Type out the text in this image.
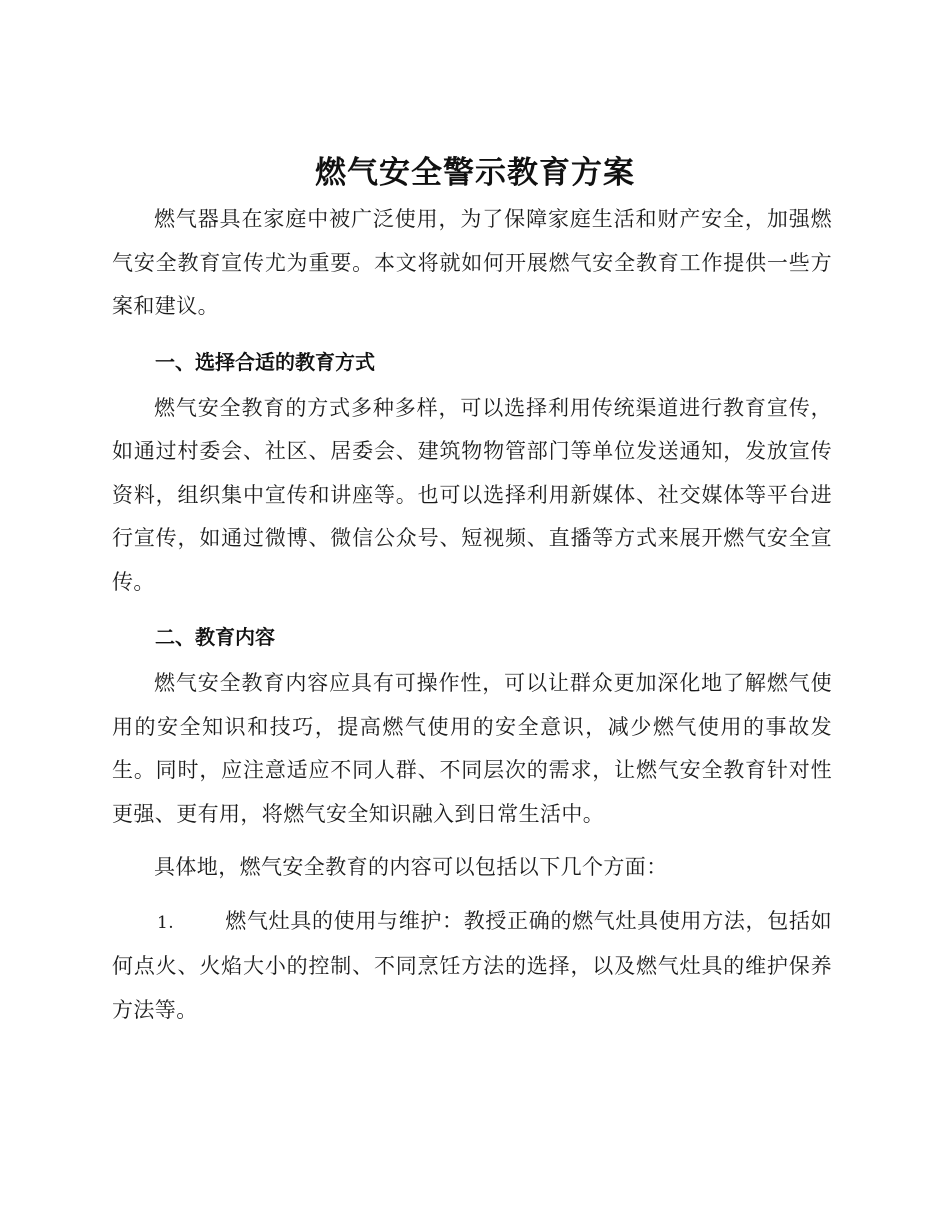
燃气安全警示教育方案

燃气器具在家庭中被广泛使用，为了保障家庭生活和财产安全，加强燃气安全教育宣传尤为重要。本文将就如何开展燃气安全教育工作提供一些方案和建议。

一、选择合适的教育方式

燃气安全教育的方式多种多样，可以选择利用传统渠道进行教育宣传，如通过村委会、社区、居委会、建筑物物管部门等单位发送通知，发放宣传资料，组织集中宣传和讲座等。也可以选择利用新媒体、社交媒体等平台进行宣传，如通过微博、微信公众号、短视频、直播等方式来展开燃气安全宣传。

二、教育内容

燃气安全教育内容应具有可操作性，可以让群众更加深化地了解燃气使用的安全知识和技巧，提高燃气使用的安全意识，减少燃气使用的事故发生。同时，应注意适应不同人群、不同层次的需求，让燃气安全教育针对性更强、更有用，将燃气安全知识融入到日常生活中。

具体地，燃气安全教育的内容可以包括以下几个方面：

1. 燃气灶具的使用与维护：教授正确的燃气灶具使用方法，包括如何点火、火焰大小的控制、不同烹饪方法的选择，以及燃气灶具的维护保养方法等。
